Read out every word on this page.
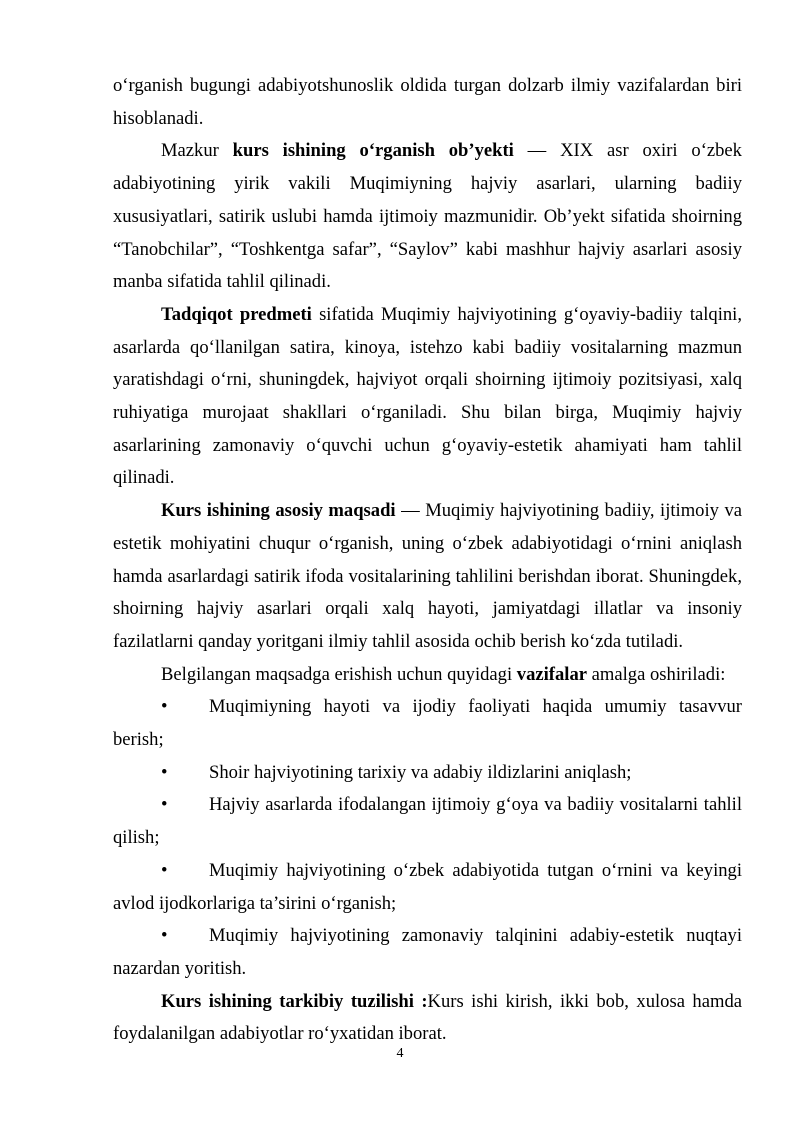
o‘rganish bugungi adabiyotshunoslik oldida turgan dolzarb ilmiy vazifalardan biri hisoblanadi.

Mazkur kurs ishining o‘rganish ob’yekti — XIX asr oxiri o‘zbek adabiyotining yirik vakili Muqimiyning hajviy asarlari, ularning badiiy xususiyatlari, satirik uslubi hamda ijtimoiy mazmunidir. Ob’yekt sifatida shoirning “Tanobchilar”, “Toshkentga safar”, “Saylov” kabi mashhur hajviy asarlari asosiy manba sifatida tahlil qilinadi.

Tadqiqot predmeti sifatida Muqimiy hajviyotining g‘oyaviy-badiiy talqini, asarlarda qo‘llanilgan satira, kinoya, istehzo kabi badiiy vositalarning mazmun yaratishdagi o‘rni, shuningdek, hajviyot orqali shoirning ijtimoiy pozitsiyasi, xalq ruhiyatiga murojaat shakllari o‘rganiladi. Shu bilan birga, Muqimiy hajviy asarlarining zamonaviy o‘quvchi uchun g‘oyaviy-estetik ahamiyati ham tahlil qilinadi.

Kurs ishining asosiy maqsadi — Muqimiy hajviyotining badiiy, ijtimoiy va estetik mohiyatini chuqur o‘rganish, uning o‘zbek adabiyotidagi o‘rnini aniqlash hamda asarlardagi satirik ifoda vositalarining tahlilini berishdan iborat. Shuningdek, shoirning hajviy asarlari orqali xalq hayoti, jamiyatdagi illatlar va insoniy fazilatlarni qanday yoritgani ilmiy tahlil asosida ochib berish ko‘zda tutiladi.

Belgilangan maqsadga erishish uchun quyidagi vazifalar amalga oshiriladi:

• Muqimiyning hayoti va ijodiy faoliyati haqida umumiy tasavvur berish;

• Shoir hajviyotining tarixiy va adabiy ildizlarini aniqlash;

• Hajviy asarlarda ifodalangan ijtimoiy g‘oya va badiiy vositalarni tahlil qilish;

• Muqimiy hajviyotining o‘zbek adabiyotida tutgan o‘rnini va keyingi avlod ijodkorlariga ta’sirini o‘rganish;

• Muqimiy hajviyotining zamonaviy talqinini adabiy-estetik nuqtayi nazardan yoritish.

Kurs ishining tarkibiy tuzilishi :Kurs ishi kirish, ikki bob, xulosa hamda foydalanilgan adabiyotlar ro‘yxatidan iborat.

4
